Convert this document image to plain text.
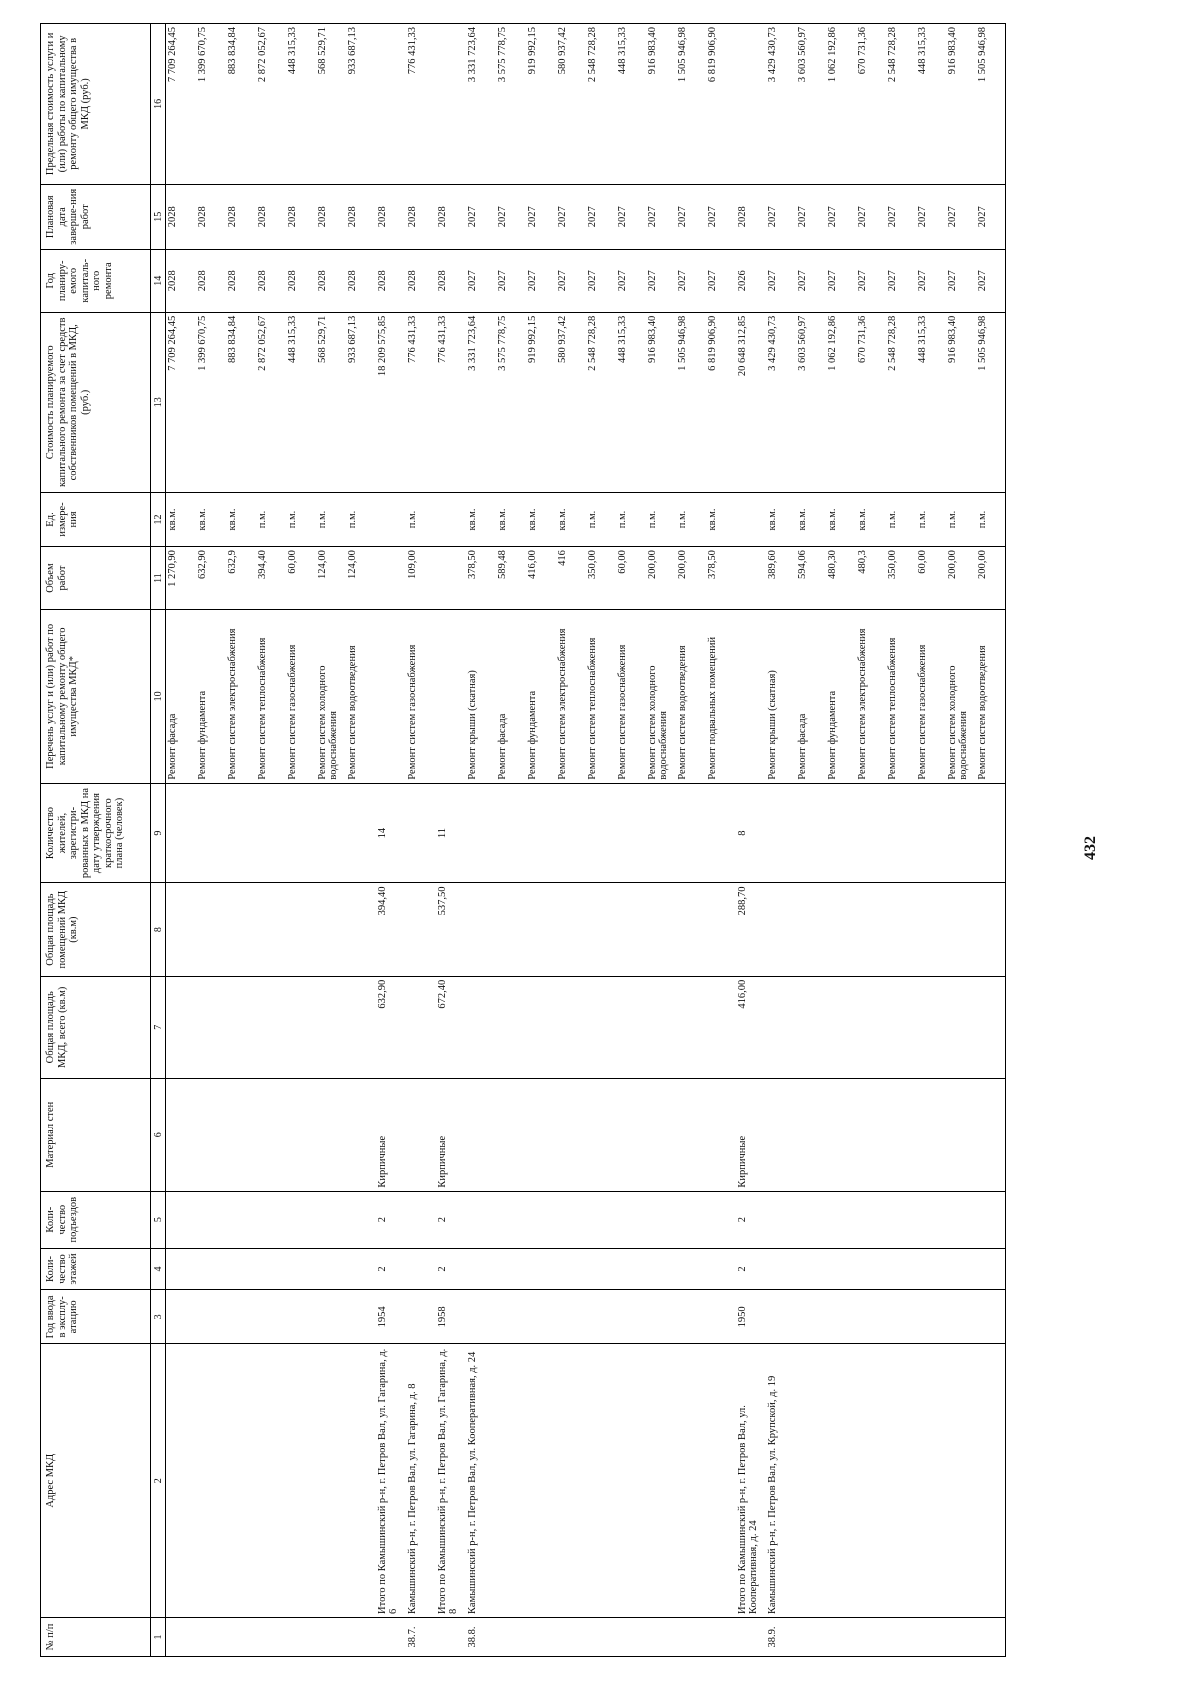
432
№ п/п	Адрес МКД	Год ввода в эксплу-атацию	Коли-чество этажей	Коли-чество подъездов	Материал стен	Общая площадь МКД, всего (кв.м)	Общая площадь помещений МКД (кв.м)	Количество жителей, зарегистри-рованных в МКД на дату утверждения краткосрочного плана (человек)	Перечень услуг и (или) работ по капитальному ремонту общего имущества МКД*	Объем работ	Ед. измере-ния	Стоимость планируемого капитального ремонта за счет средств собственников помещений в МКД, (руб.)	Год планиру-емого капиталь-ного ремонта	Плановая дата заверше-ния работ	Предельная стоимость услуги и (или) работы по капитальному ремонту общего имущества в МКД (руб.)
1	2	3	4	5	6	7	8	9	10	11	12	13	14	15	16
									Ремонт фасада	1 270,90	кв.м.	7 709 264,45	2028	2028	7 709 264,45
									Ремонт фундамента	632,90	кв.м.	1 399 670,75	2028	2028	1 399 670,75
									Ремонт систем электроснабжения	632,9	кв.м.	883 834,84	2028	2028	883 834,84
									Ремонт систем теплоснабжения	394,40	п.м.	2 872 052,67	2028	2028	2 872 052,67
									Ремонт систем газоснабжения	60,00	п.м.	448 315,33	2028	2028	448 315,33
									Ремонт систем холодного водоснабжения	124,00	п.м.	568 529,71	2028	2028	568 529,71
									Ремонт систем водоотведения	124,00	п.м.	933 687,13	2028	2028	933 687,13
	Итого по Камышинский р-н, г. Петров Вал, ул. Гагарина, д. 6	1954	2	2	Кирпичные	632,90	394,40	14				18 209 575,85	2028	2028	
38.7.	Камышинский р-н, г. Петров Вал, ул. Гагарина, д. 8								Ремонт систем газоснабжения	109,00	п.м.	776 431,33	2028	2028	776 431,33
	Итого по Камышинский р-н, г. Петров Вал, ул. Гагарина, д. 8	1958	2	2	Кирпичные	672,40	537,50	11				776 431,33	2028	2028	
38.8.	Камышинский р-н, г. Петров Вал, ул. Кооперативная, д. 24								Ремонт крыши (скатная)	378,50	кв.м.	3 331 723,64	2027	2027	3 331 723,64
									Ремонт фасада	589,48	кв.м.	3 575 778,75	2027	2027	3 575 778,75
									Ремонт фундамента	416,00	кв.м.	919 992,15	2027	2027	919 992,15
									Ремонт систем электроснабжения	416	кв.м.	580 937,42	2027	2027	580 937,42
									Ремонт систем теплоснабжения	350,00	п.м.	2 548 728,28	2027	2027	2 548 728,28
									Ремонт систем газоснабжения	60,00	п.м.	448 315,33	2027	2027	448 315,33
									Ремонт систем холодного водоснабжения	200,00	п.м.	916 983,40	2027	2027	916 983,40
									Ремонт систем водоотведения	200,00	п.м.	1 505 946,98	2027	2027	1 505 946,98
									Ремонт подвальных помещений	378,50	кв.м.	6 819 906,90	2027	2027	6 819 906,90
	Итого по Камышинский р-н, г. Петров Вал, ул. Кооперативная, д. 24	1950	2	2	Кирпичные	416,00	288,70	8				20 648 312,85	2026	2028	
38.9.	Камышинский р-н, г. Петров Вал, ул. Крупской, д. 19								Ремонт крыши (скатная)	389,60	кв.м.	3 429 430,73	2027	2027	3 429 430,73
									Ремонт фасада	594,06	кв.м.	3 603 560,97	2027	2027	3 603 560,97
									Ремонт фундамента	480,30	кв.м.	1 062 192,86	2027	2027	1 062 192,86
									Ремонт систем электроснабжения	480,3	кв.м.	670 731,36	2027	2027	670 731,36
									Ремонт систем теплоснабжения	350,00	п.м.	2 548 728,28	2027	2027	2 548 728,28
									Ремонт систем газоснабжения	60,00	п.м.	448 315,33	2027	2027	448 315,33
									Ремонт систем холодного водоснабжения	200,00	п.м.	916 983,40	2027	2027	916 983,40
									Ремонт систем водоотведения	200,00	п.м.	1 505 946,98	2027	2027	1 505 946,98
